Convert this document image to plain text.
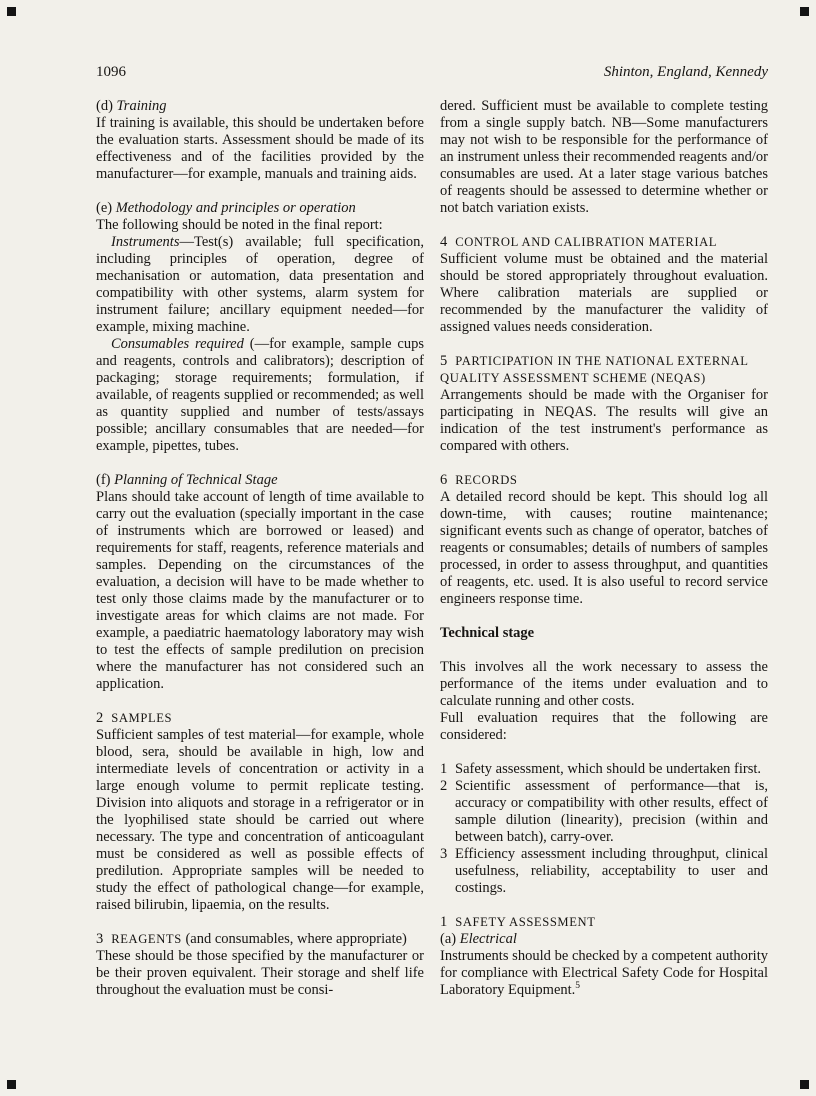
1096	Shinton, England, Kennedy

(d) Training

If training is available, this should be undertaken before the evaluation starts. Assessment should be made of its effectiveness and of the facilities provided by the manufacturer—for example, manuals and training aids.

(e) Methodology and principles or operation

The following should be noted in the final report:

Instruments—Test(s) available; full specification, including principles of operation, degree of mechanisation or automation, data presentation and compatibility with other systems, alarm system for instrument failure; ancillary equipment needed—for example, mixing machine.

Consumables required (—for example, sample cups and reagents, controls and calibrators); description of packaging; storage requirements; formulation, if available, of reagents supplied or recommended; as well as quantity supplied and number of tests/assays possible; ancillary consumables that are needed—for example, pipettes, tubes.

(f) Planning of Technical Stage

Plans should take account of length of time available to carry out the evaluation (specially important in the case of instruments which are borrowed or leased) and requirements for staff, reagents, reference materials and samples. Depending on the circumstances of the evaluation, a decision will have to be made whether to test only those claims made by the manufacturer or to investigate areas for which claims are not made. For example, a paediatric haematology laboratory may wish to test the effects of sample predilution on precision where the manufacturer has not considered such an application.

2 SAMPLES

Sufficient samples of test material—for example, whole blood, sera, should be available in high, low and intermediate levels of concentration or activity in a large enough volume to permit replicate testing. Division into aliquots and storage in a refrigerator or in the lyophilised state should be carried out where necessary. The type and concentration of anticoagulant must be considered as well as possible effects of predilution. Appropriate samples will be needed to study the effect of pathological change—for example, raised bilirubin, lipaemia, on the results.

3 REAGENTS (and consumables, where appropriate)

These should be those specified by the manufacturer or be their proven equivalent. Their storage and shelf life throughout the evaluation must be consi-

dered. Sufficient must be available to complete testing from a single supply batch. NB—Some manufacturers may not wish to be responsible for the performance of an instrument unless their recommended reagents and/or consumables are used. At a later stage various batches of reagents should be assessed to determine whether or not batch variation exists.

4 CONTROL AND CALIBRATION MATERIAL

Sufficient volume must be obtained and the material should be stored appropriately throughout evaluation. Where calibration materials are supplied or recommended by the manufacturer the validity of assigned values needs consideration.

5 PARTICIPATION IN THE NATIONAL EXTERNAL QUALITY ASSESSMENT SCHEME (NEQAS)

Arrangements should be made with the Organiser for participating in NEQAS. The results will give an indication of the test instrument's performance as compared with others.

6 RECORDS

A detailed record should be kept. This should log all down-time, with causes; routine maintenance; significant events such as change of operator, batches of reagents or consumables; details of numbers of samples processed, in order to assess throughput, and quantities of reagents, etc. used. It is also useful to record service engineers response time.

Technical stage

This involves all the work necessary to assess the performance of the items under evaluation and to calculate running and other costs.

Full evaluation requires that the following are considered:

1 Safety assessment, which should be undertaken first.
2 Scientific assessment of performance—that is, accuracy or compatibility with other results, effect of sample dilution (linearity), precision (within and between batch), carry-over.
3 Efficiency assessment including throughput, clinical usefulness, reliability, acceptability to user and costings.

1 SAFETY ASSESSMENT

(a) Electrical

Instruments should be checked by a competent authority for compliance with Electrical Safety Code for Hospital Laboratory Equipment.$^5$
